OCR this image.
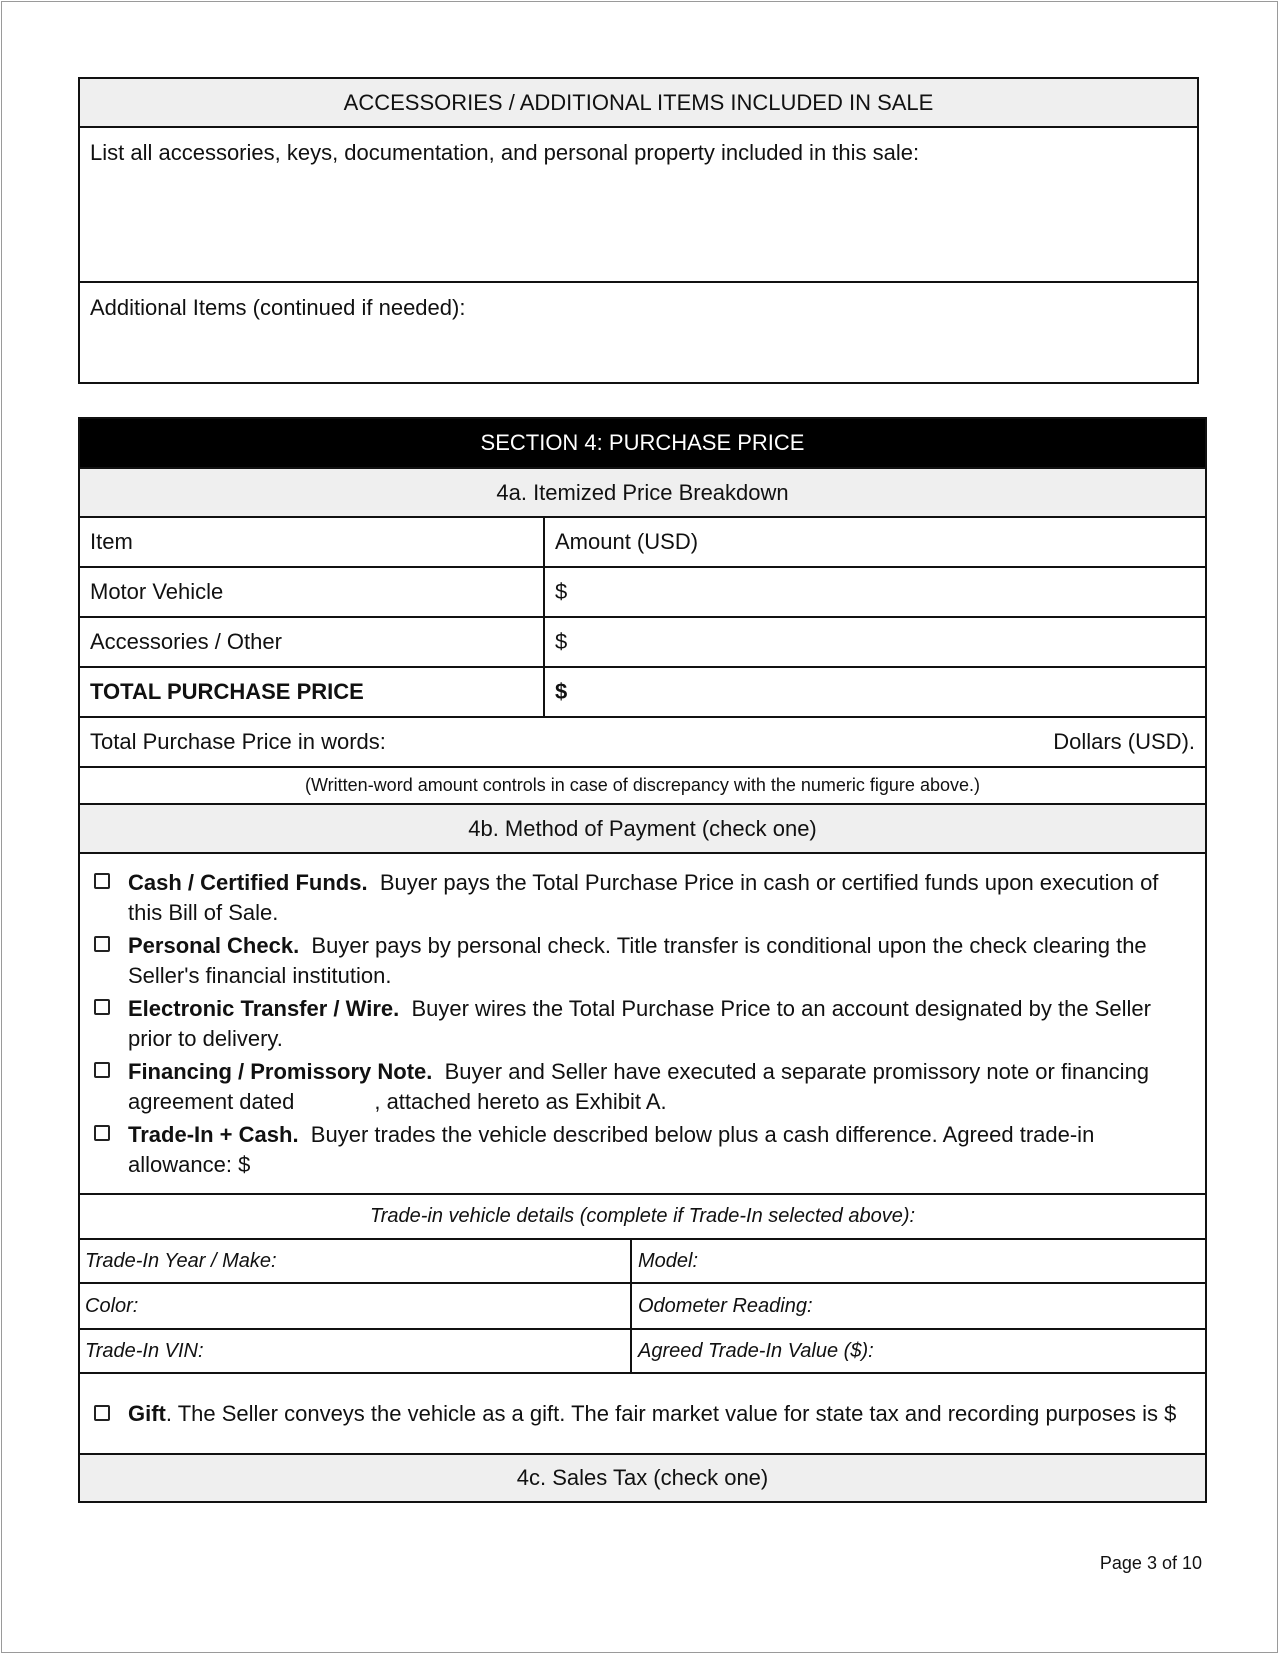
ACCESSORIES / ADDITIONAL ITEMS INCLUDED IN SALE
List all accessories, keys, documentation, and personal property included in this sale:
Additional Items (continued if needed):
SECTION 4: PURCHASE PRICE		
4a. Itemized Price Breakdown		
Item	Amount (USD)	
Motor Vehicle	$	
Accessories / Other	$	
TOTAL PURCHASE PRICE	$	
Total Purchase Price in words: Dollars (USD).		

(Written-word amount controls in case of discrepancy with the numeric figure above.)		
4b. Method of Payment (check one)		

Cash / Certified Funds. Buyer pays the Total Purchase Price in cash or certified funds upon execution of this Bill of Sale.
Personal Check. Buyer pays by personal check. Title transfer is conditional upon the check clearing the Seller's financial institution.
Electronic Transfer / Wire. Buyer wires the Total Purchase Price to an account designated by the Seller prior to delivery.
Financing / Promissory Note. Buyer and Seller have executed a separate promissory note or financing agreement dated , attached hereto as Exhibit A.
Trade-In + Cash. Buyer trades the vehicle described below plus a cash difference. Agreed trade-in allowance: $		

Trade-in vehicle details (complete if Trade-In selected above):		
Trade-In Year / Make:		Model:
Color:		Odometer Reading:
Trade-In VIN:		Agreed Trade-In Value ($):

Gift. The Seller conveys the vehicle as a gift. The fair market value for state tax and recording purposes is $		

4c. Sales Tax (check one)		
Page 3 of 10
